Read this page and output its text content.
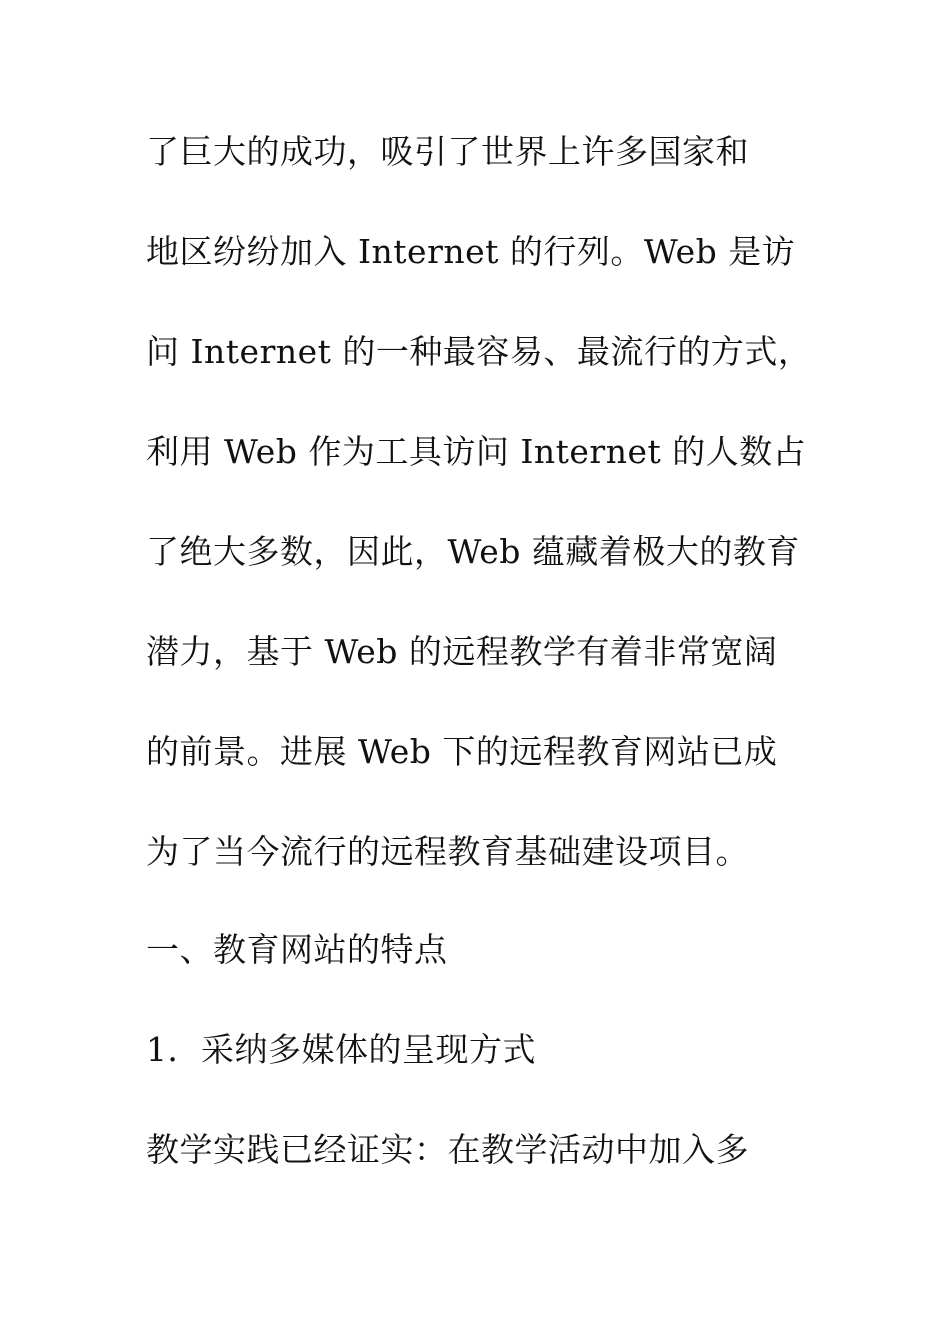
了巨大的成功，吸引了世界上许多国家和
地区纷纷加入 Internet 的行列。Web 是访
问 Internet 的一种最容易、最流行的方式，
利用 Web 作为工具访问 Internet 的人数占
了绝大多数，因此，Web 蕴藏着极大的教育
潜力，基于 Web 的远程教学有着非常宽阔
的前景。进展 Web 下的远程教育网站已成
为了当今流行的远程教育基础建设项目。
一、教育网站的特点
1．采纳多媒体的呈现方式
教学实践已经证实：在教学活动中加入多
